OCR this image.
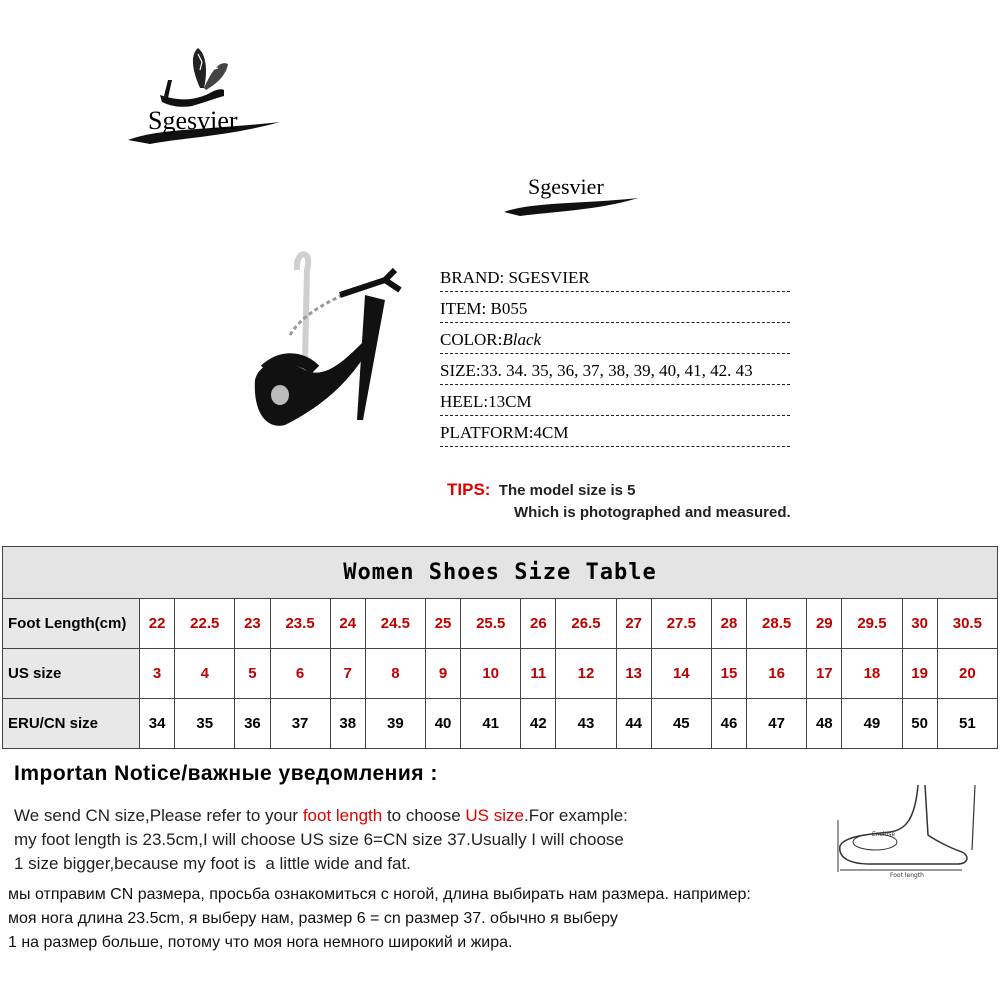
Sgesvier
Sgesvier
BRAND: SGESVIER
ITEM: B055
COLOR:Black
SIZE:33. 34. 35, 36, 37, 38, 39, 40, 41, 42. 43
HEEL:13CM
PLATFORM:4CM
TIPS: The model size is 5
Which is photographed and measured.
Women Shoes Size Table																		
Foot Length(cm)	22	22.5	23	23.5	24	24.5	25	25.5	26	26.5	27	27.5	28	28.5	29	29.5	30	30.5
US size	3	4	5	6	7	8	9	10	11	12	13	14	15	16	17	18	19	20
ERU/CN size	34	35	36	37	38	39	40	41	42	43	44	45	46	47	48	49	50	51
Importan Notice/важные уведомления :
We send CN size,Please refer to your foot length to choose US size.For example:
my foot length is 23.5cm,I will choose US size 6=CN size 37.Usually I will choose
1 size bigger,because my foot is  a little wide and fat.
мы отправим CN размера, просьба ознакомиться с ногой, длина выбирать нам размера. например:
моя нога длина 23.5cm, я выберу нам, размер 6 = cn размер 37. обычно я выберу
1 на размер больше, потому что моя нога немного широкий и жира.
Enclose
Foot length
